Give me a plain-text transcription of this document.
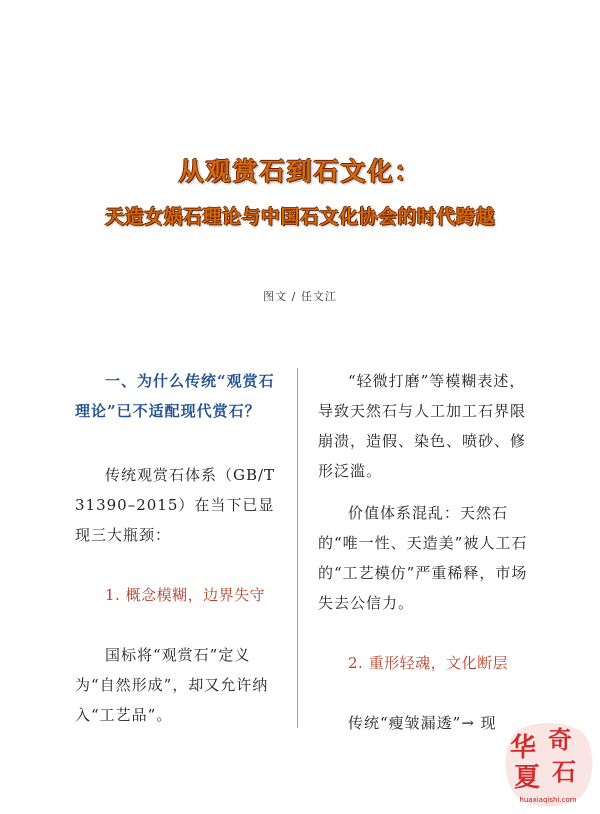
从观赏石到石文化：
天造女娲石理论与中国石文化协会的时代跨越
图文 / 任文江

一、为什么传统“观赏石理论”已不适配现代赏石？

传统观赏石体系（GB/T 31390–2015）在当下已显现三大瓶颈：

1. 概念模糊，边界失守

国标将“观赏石”定义为“自然形成”，却又允许纳入“工艺品”。

“轻微打磨”等模糊表述，导致天然石与人工加工石界限崩溃，造假、染色、喷砂、修形泛滥。

价值体系混乱：天然石的“唯一性、天造美”被人工石的“工艺模仿”严重稀释，市场失去公信力。

2. 重形轻魂，文化断层

传统“瘦皱漏透”→ 现

华 奇
夏 石
huaxiaqishi.com
